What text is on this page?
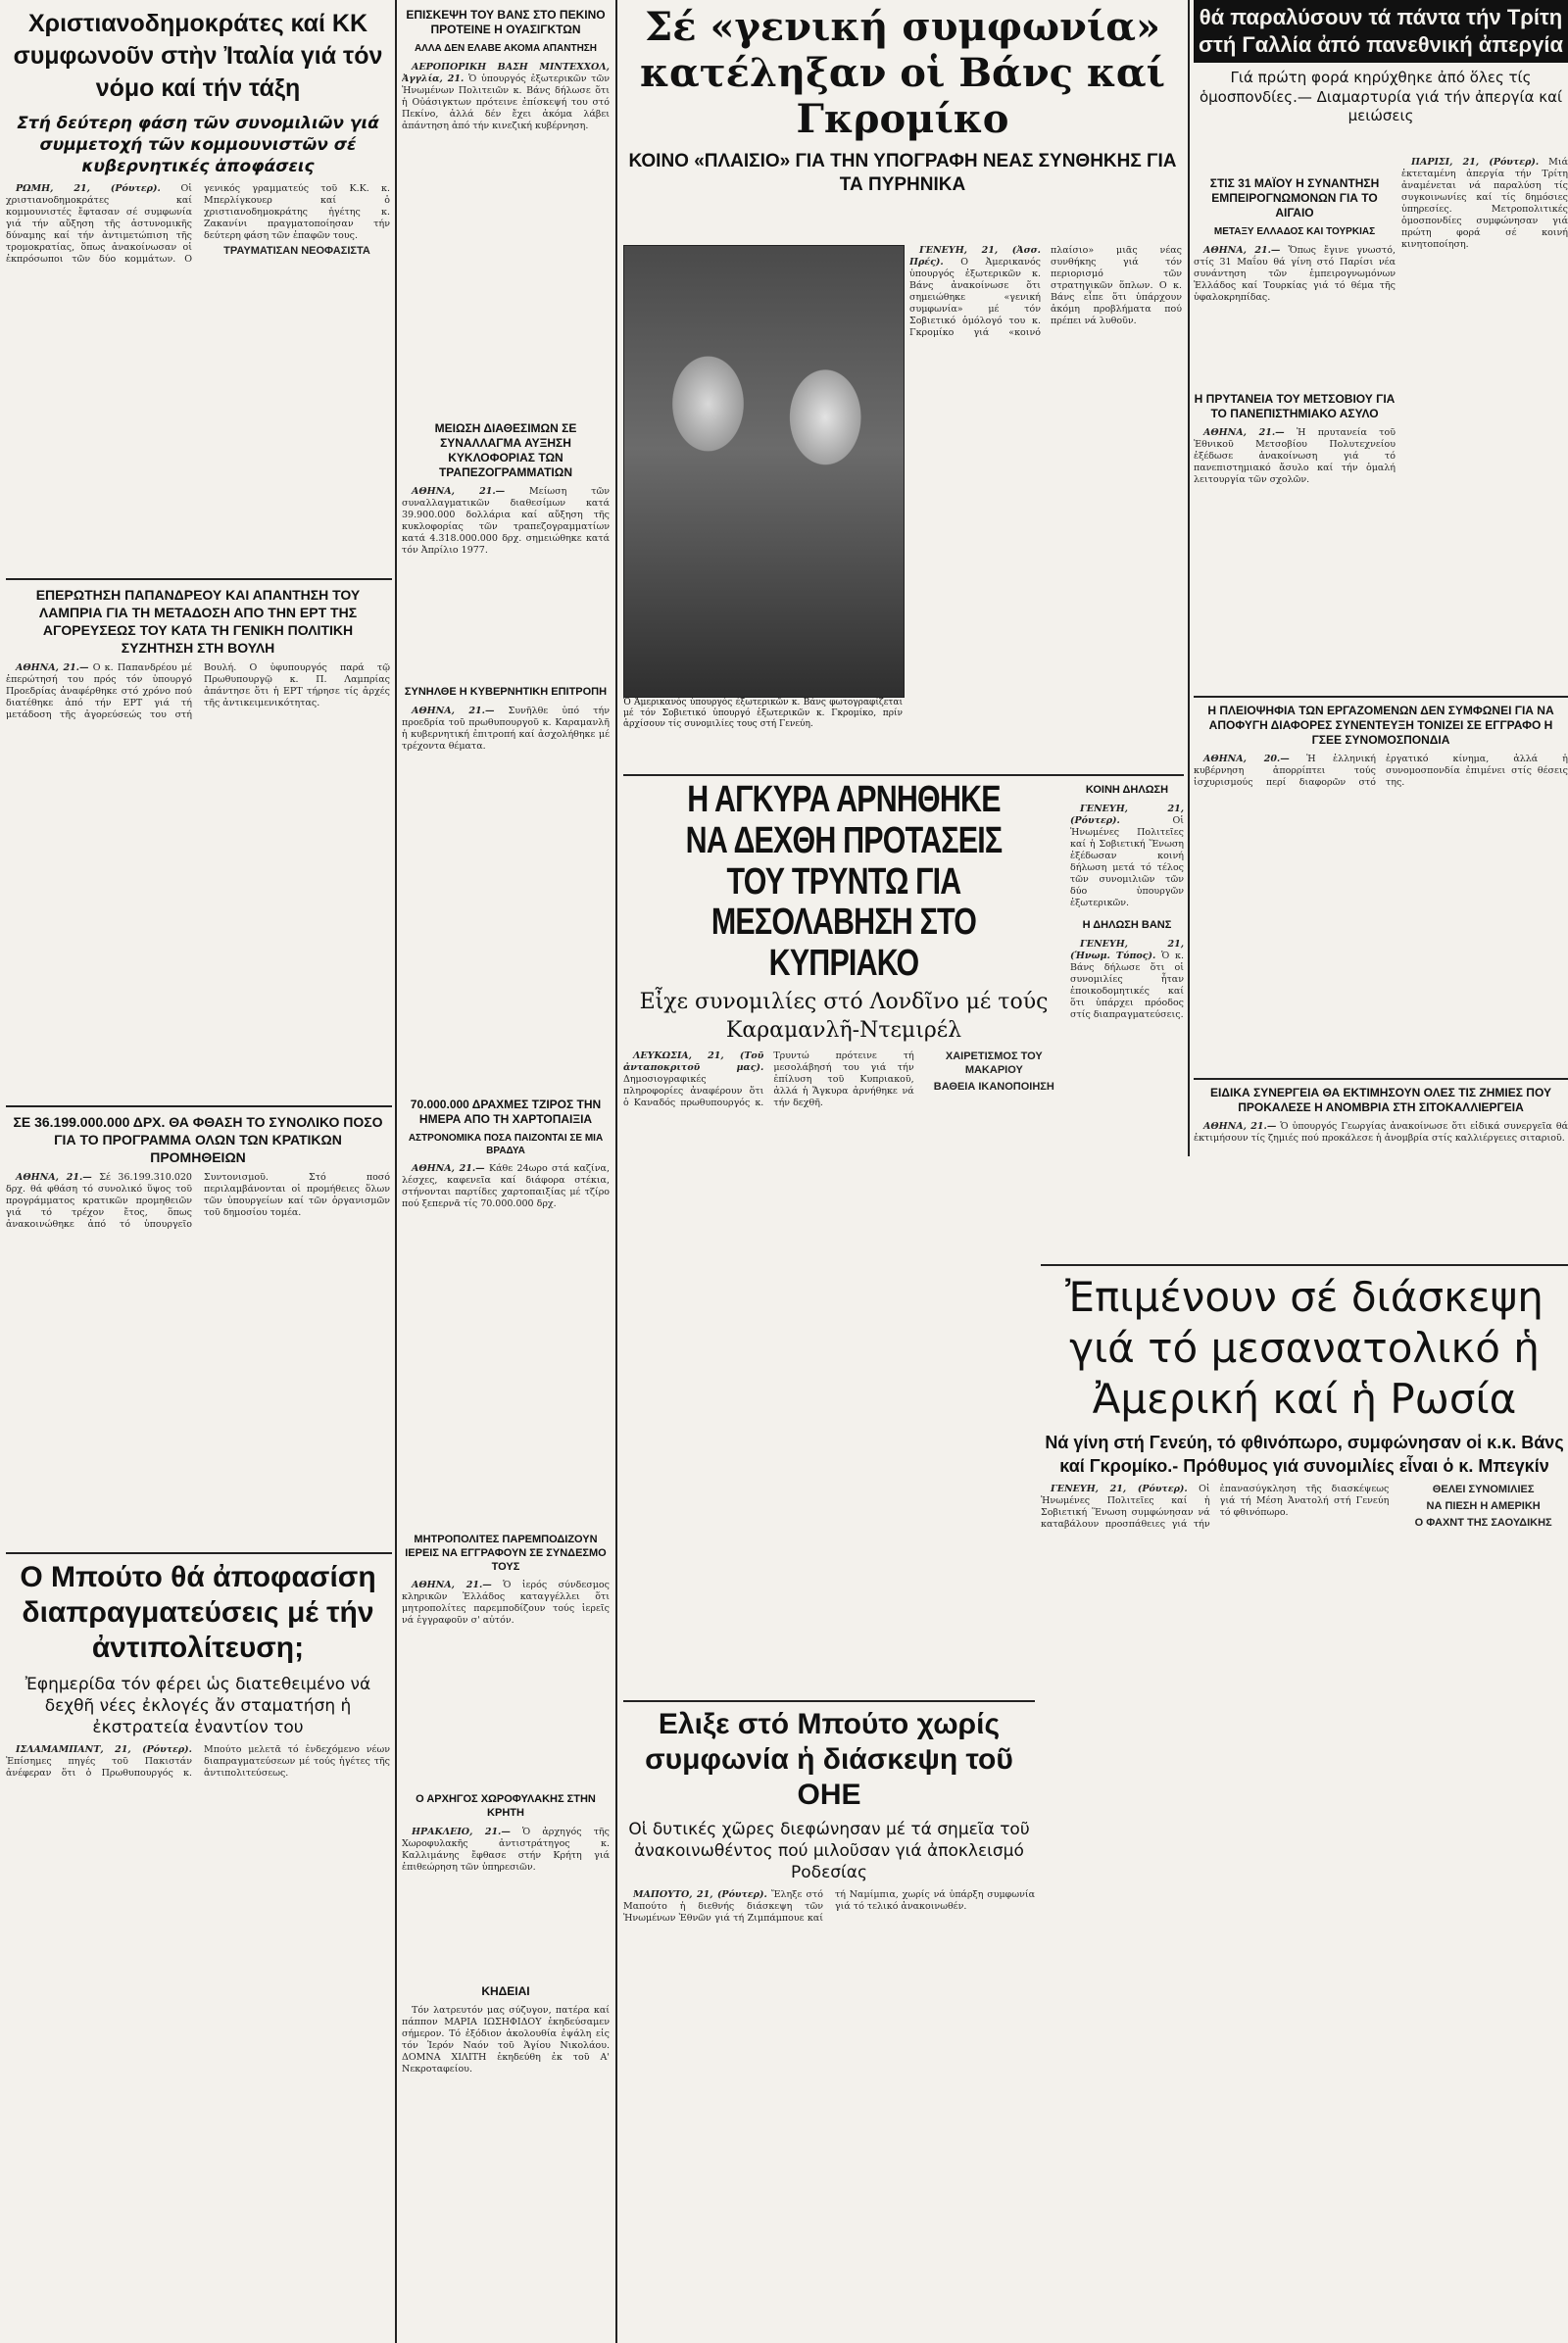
Χριστιανοδημοκράτες καί ΚΚ συμφωνοῦν στὴν Ἰταλία γιά τόν νόμο καί τήν τάξη
Στή δεύτερη φάση τῶν συνομιλιῶν γιά συμμετοχή τῶν κομμουνιστῶν σέ κυβερνητικές ἀποφάσεις

ΡΩΜΗ, 21, (Ρόυτερ). Οἱ χριστιανοδημοκράτες καί κομμουνιστές ἔφτασαν σέ συμφωνία γιά τήν αὔξηση τῆς ἀστυνομικῆς δύναμης καί τήν ἀντιμετώπιση τῆς τρομοκρατίας, ὅπως ἀνακοίνωσαν οἱ ἐκπρόσωποι τῶν δύο κομμάτων. Ο γενικός γραμματεύς τοῦ Κ.Κ. κ. Μπερλίγκουερ καί ὁ χριστιανοδημοκράτης ἡγέτης κ. Ζακανίνι πραγματοποίησαν τήν δεύτερη φάση τῶν ἐπαφῶν τους.

ΤΡΑΥΜΑΤΙΣΑΝ ΝΕΟΦΑΣΙΣΤΑ

ΕΠΕΡΩΤΗΣΗ ΠΑΠΑΝΔΡΕΟΥ ΚΑΙ ΑΠΑΝΤΗΣΗ ΤΟΥ ΛΑΜΠΡΙΑ ΓΙΑ ΤΗ ΜΕΤΑΔΟΣΗ ΑΠΟ ΤΗΝ ΕΡΤ ΤΗΣ ΑΓΟΡΕΥΣΕΩΣ ΤΟΥ ΚΑΤΑ ΤΗ ΓΕΝΙΚΗ ΠΟΛΙΤΙΚΗ ΣΥΖΗΤΗΣΗ ΣΤΗ ΒΟΥΛΗ

ΑΘΗΝΑ, 21.— Ο κ. Παπανδρέου μέ ἐπερώτησή του πρός τόν ὑπουργό Προεδρίας ἀναφέρθηκε στό χρόνο πού διατέθηκε ἀπό τήν ΕΡΤ γιά τή μετάδοση τῆς ἀγορεύσεώς του στή Βουλή. Ο ὑφυπουργός παρά τῷ Πρωθυπουργῷ κ. Π. Λαμπρίας ἀπάντησε ὅτι ἡ ΕΡΤ τήρησε τίς ἀρχές τῆς ἀντικειμενικότητας.

ΣΕ 36.199.000.000 ΔΡΧ. ΘΑ ΦΘΑΣΗ ΤΟ ΣΥΝΟΛΙΚΟ ΠΟΣΟ ΓΙΑ ΤΟ ΠΡΟΓΡΑΜΜΑ ΟΛΩΝ ΤΩΝ ΚΡΑΤΙΚΩΝ ΠΡΟΜΗΘΕΙΩΝ

ΑΘΗΝΑ, 21.— Σέ 36.199.310.020 δρχ. θά φθάση τό συνολικό ὕψος τοῦ προγράμματος κρατικῶν προμηθειῶν γιά τό τρέχον ἔτος, ὅπως ἀνακοινώθηκε ἀπό τό ὑπουργεῖο Συντονισμοῦ. Στό ποσό περιλαμβάνονται οἱ προμήθειες ὅλων τῶν ὑπουργείων καί τῶν ὀργανισμῶν τοῦ δημοσίου τομέα.

Ο Μπούτο θά ἀποφασίση διαπραγματεύσεις μέ τήν ἀντιπολίτευση;
Ἐφημερίδα τόν φέρει ὡς διατεθειμένο νά δεχθῆ νέες ἐκλογές ἄν σταματήση ἡ ἐκστρατεία ἐναντίον του

ΙΣΛΑΜΑΜΠΑΝΤ, 21, (Ρόυτερ). Ἐπίσημες πηγές τοῦ Πακιστάν ἀνέφεραν ὅτι ὁ Πρωθυπουργός κ. Μπούτο μελετᾶ τό ἐνδεχόμενο νέων διαπραγματεύσεων μέ τούς ἡγέτες τῆς ἀντιπολιτεύσεως.

ΕΠΙΣΚΕΨΗ ΤΟΥ ΒΑΝΣ ΣΤΟ ΠΕΚΙΝΟ ΠΡΟΤΕΙΝΕ Η ΟΥΑΣΙΓΚΤΩΝ
ΑΛΛΑ ΔΕΝ ΕΛΑΒΕ ΑΚΟΜΑ ΑΠΑΝΤΗΣΗ

ΑΕΡΟΠΟΡΙΚΗ ΒΑΣΗ ΜΙΝΤΕΧΧΟΛ, Ἀγγλία, 21. Ὁ ὑπουργός ἐξωτερικῶν τῶν Ἡνωμένων Πολιτειῶν κ. Βάνς δήλωσε ὅτι ἡ Οὐάσιγκτων πρότεινε ἐπίσκεψή του στό Πεκίνο, ἀλλά δέν ἔχει ἀκόμα λάβει ἀπάντηση ἀπό τήν κινεζική κυβέρνηση.

ΜΕΙΩΣΗ ΔΙΑΘΕΣΙΜΩΝ ΣΕ ΣΥΝΑΛΛΑΓΜΑ ΑΥΞΗΣΗ ΚΥΚΛΟΦΟΡΙΑΣ ΤΩΝ ΤΡΑΠΕΖΟΓΡΑΜΜΑΤΙΩΝ

ΑΘΗΝΑ, 21.—	Μείωση τῶν συναλλαγματικῶν διαθεσίμων κατά 39.900.000 δολλάρια καί αὔξηση τῆς κυκλοφορίας τῶν τραπεζογραμματίων κατά 4.318.000.000 δρχ. σημειώθηκε κατά τόν Ἀπρίλιο 1977.

ΣΥΝΗΛΘΕ Η ΚΥΒΕΡΝΗΤΙΚΗ ΕΠΙΤΡΟΠΗ

ΑΘΗΝΑ, 21.— Συνῆλθε ὑπό τήν προεδρία τοῦ πρωθυπουργοῦ κ. Καραμανλῆ ἡ κυβερνητική ἐπιτροπή καί ἀσχολήθηκε μέ τρέχοντα θέματα.

70.000.000 ΔΡΑΧΜΕΣ ΤΖΙΡΟΣ ΤΗΝ ΗΜΕΡΑ ΑΠΟ ΤΗ ΧΑΡΤΟΠΑΙΞΙΑ
ΑΣΤΡΟΝΟΜΙΚΑ ΠΟΣΑ ΠΑΙΖΟΝΤΑΙ ΣΕ ΜΙΑ ΒΡΑΔΥΑ

ΑΘΗΝΑ, 21.— Κάθε 24ωρο στά καζίνα, λέσχες, καφενεῖα καί διάφορα στέκια, στήνονται παρτίδες χαρτοπαιξίας μέ τζίρο πού ξεπερνᾶ τίς 70.000.000 δρχ.

ΜΗΤΡΟΠΟΛΙΤΕΣ ΠΑΡΕΜΠΟΔΙΖΟΥΝ ΙΕΡΕΙΣ ΝΑ ΕΓΓΡΑΦΟΥΝ ΣΕ ΣΥΝΔΕΣΜΟ ΤΟΥΣ

ΑΘΗΝΑ, 21.— Ὁ ἱερός σύνδεσμος κληρικῶν Ἑλλάδος καταγγέλλει ὅτι μητροπολίτες παρεμποδίζουν τούς ἱερεῖς νά ἐγγραφοῦν σ' αὐτόν.

Ο ΑΡΧΗΓΟΣ ΧΩΡΟΦΥΛΑΚΗΣ ΣΤΗΝ ΚΡΗΤΗ

ΗΡΑΚΛΕΙΟ, 21.— Ὁ ἀρχηγός τῆς Χωροφυλακῆς ἀντιστράτηγος κ. Καλλιμάνης ἔφθασε στήν Κρήτη γιά ἐπιθεώρηση τῶν ὑπηρεσιῶν.

ΚΗΔΕΙΑΙ

Τόν λατρευτόν μας σύζυγον, πατέρα καί πάππον ΜΑΡΙΑ ΙΩΣΗΦΙΔΟΥ ἐκηδεύσαμεν σήμερον. Τό ἐξόδιον ἀκολουθία ἐψάλη εἰς τόν Ἱερόν Ναόν τοῦ Ἁγίου Νικολάου. ΔΟΜΝΑ ΧΙΛΙΤΗ ἐκηδεύθη ἐκ τοῦ Α' Νεκροταφείου.

Σέ «γενική συμφωνία» κατέληξαν οἱ Βάνς καί Γκρομίκο
ΚΟΙΝΟ «ΠΛΑΙΣΙΟ» ΓΙΑ ΤΗΝ ΥΠΟΓΡΑΦΗ ΝΕΑΣ ΣΥΝΘΗΚΗΣ ΓΙΑ ΤΑ ΠΥΡΗΝΙΚΑ
Ὁ Ἀμερικανός ὑπουργός ἐξωτερικῶν κ. Βάνς φωτογραφίζεται μέ τόν Σοβιετικό ὑπουργό ἐξωτερικῶν κ. Γκρομίκο, πρίν ἀρχίσουν τίς συνομιλίες τους στή Γενεύη.

ΓΕΝΕΥΗ, 21, (Ἀσσ. Πρές). Ο Ἀμερικανός ὑπουργός ἐξωτερικῶν κ. Βάνς ἀνακοίνωσε ὅτι σημειώθηκε «γενική συμφωνία» μέ τόν Σοβιετικό ὁμόλογό του κ. Γκρομίκο γιά «κοινό πλαίσιο» μιᾶς νέας συνθήκης γιά τόν περιορισμό τῶν στρατηγικῶν ὅπλων. Ο κ. Βάνς εἶπε ὅτι ὑπάρχουν ἀκόμη προβλήματα πού πρέπει νά λυθοῦν.

Η ΑΓΚΥΡΑ ΑΡΝΗΘΗΚΕ ΝΑ ΔΕΧΘΗ ΠΡΟΤΑΣΕΙΣ ΤΟΥ ΤΡΥΝΤΩ ΓΙΑ ΜΕΣΟΛΑΒΗΣΗ ΣΤΟ ΚΥΠΡΙΑΚΟ
Εἶχε συνομιλίες στό Λονδῖνο μέ τούς Καραμανλῆ-Ντεμιρέλ

ΛΕΥΚΩΣΙΑ, 21, (Τοῦ ἀνταποκριτοῦ μας). Δημοσιογραφικές πληροφορίες ἀναφέρουν ὅτι ὁ Καναδός πρωθυπουργός κ. Τρυντώ πρότεινε τή μεσολάβησή του γιά τήν ἐπίλυση τοῦ Κυπριακοῦ, ἀλλά ἡ Ἄγκυρα ἀρνήθηκε νά τήν δεχθῆ.

ΧΑΙΡΕΤΙΣΜΟΣ ΤΟΥ ΜΑΚΑΡΙΟΥ

ΒΑΘΕΙΑ ΙΚΑΝΟΠΟΙΗΣΗ

ΚΟΙΝΗ ΔΗΛΩΣΗ

ΓΕΝΕΥΗ, 21, (Ρόυτερ).	Οἱ Ἡνωμένες Πολιτεῖες καί ἡ Σοβιετική Ἕνωση ἐξέδωσαν κοινή δήλωση μετά τό τέλος τῶν συνομιλιῶν τῶν δύο ὑπουργῶν ἐξωτερικῶν.

Η ΔΗΛΩΣΗ ΒΑΝΣ

ΓΕΝΕΥΗ, 21, (Ἡνωμ. Τύπος). Ὁ κ. Βάνς δήλωσε ὅτι οἱ συνομιλίες ἦταν ἐποικοδομητικές καί ὅτι ὑπάρχει πρόοδος στίς διαπραγματεύσεις.

Ελιξε στό Μπούτο χωρίς συμφωνία ἡ διάσκεψη τοῦ ΟΗΕ
Οἱ δυτικές χῶρες διεφώνησαν μέ τά σημεῖα τοῦ ἀνακοινωθέντος πού μιλοῦσαν γιά ἀποκλεισμό Ροδεσίας

ΜΑΠΟΥΤΟ, 21, (Ρόυτερ). Ἔληξε στό Μαπούτο ἡ διεθνής διάσκεψη τῶν Ἡνωμένων Ἐθνῶν γιά τή Ζιμπάμπουε καί τή Ναμίμπια, χωρίς νά ὑπάρξη συμφωνία γιά τό τελικό ἀνακοινωθέν.

θά παραλύσουν τά πάντα τήν Τρίτη στή Γαλλία ἀπό πανεθνική ἀπεργία
Γιά πρώτη φορά κηρύχθηκε ἀπό ὅλες τίς ὁμοσπονδίες.— Διαμαρτυρία γιά τήν ἀπεργία καί μειώσεις

ΠΑΡΙΣΙ, 21, (Ρόυτερ). Μιά ἐκτεταμένη ἀπεργία τήν Τρίτη ἀναμένεται νά παραλύση τίς συγκοινωνίες καί τίς δημόσιες ὑπηρεσίες. Μετροπολιτικές ὁμοσπονδίες συμφώνησαν γιά πρώτη φορά σέ κοινή κινητοποίηση.

ΣΤΙΣ 31 ΜΑΪΟΥ Η ΣΥΝΑΝΤΗΣΗ ΕΜΠΕΙΡΟΓΝΩΜΟΝΩΝ ΓΙΑ ΤΟ ΑΙΓΑΙΟ
ΜΕΤΑΞΥ ΕΛΛΑΔΟΣ ΚΑΙ ΤΟΥΡΚΙΑΣ

ΑΘΗΝΑ, 21.— Ὅπως ἔγινε γνωστό, στίς 31 Μαΐου θά γίνη στό Παρίσι νέα συνάντηση τῶν ἐμπειρογνωμόνων Ἑλλάδος καί Τουρκίας γιά τό θέμα τῆς ὑφαλοκρηπίδας.

Η ΠΡΥΤΑΝΕΙΑ ΤΟΥ ΜΕΤΣΟΒΙΟΥ ΓΙΑ ΤΟ ΠΑΝΕΠΙΣΤΗΜΙΑΚΟ ΑΣΥΛΟ

ΑΘΗΝΑ, 21.— Ἡ πρυτανεία τοῦ Ἐθνικοῦ Μετσοβίου Πολυτεχνείου ἐξέδωσε ἀνακοίνωση γιά τό πανεπιστημιακό ἄσυλο καί τήν ὁμαλή λειτουργία τῶν σχολῶν.

Η ΠΛΕΙΟΨΗΦΙΑ ΤΩΝ ΕΡΓΑΖΟΜΕΝΩΝ ΔΕΝ ΣΥΜΦΩΝΕΙ ΓΙΑ ΝΑ ΑΠΟΦΥΓΗ ΔΙΑΦΟΡΕΣ ΣΥΝΕΝΤΕΥΞΗ ΤΟΝΙΖΕΙ ΣΕ ΕΓΓΡΑΦΟ Η ΓΣΕΕ ΣΥΝΟΜΟΣΠΟΝΔΙΑ

ΑΘΗΝΑ, 20.— Ἡ ἑλληνική κυβέρνηση ἀπορρίπτει τούς ἰσχυρισμούς περί διαφορῶν στό ἐργατικό κίνημα, ἀλλά ἡ συνομοσπονδία ἐπιμένει στίς θέσεις της.

ΕΙΔΙΚΑ ΣΥΝΕΡΓΕΙΑ ΘΑ ΕΚΤΙΜΗΣΟΥΝ ΟΛΕΣ ΤΙΣ ΖΗΜΙΕΣ ΠΟΥ ΠΡΟΚΑΛΕΣΕ Η ΑΝΟΜΒΡΙΑ ΣΤΗ ΣΙΤΟΚΑΛΛΙΕΡΓΕΙΑ

ΑΘΗΝΑ, 21.— Ὁ ὑπουργός Γεωργίας ἀνακοίνωσε ὅτι εἰδικά συνεργεῖα θά ἐκτιμήσουν τίς ζημιές πού προκάλεσε ἡ ἀνομβρία στίς καλλιέργειες σιταριοῦ.

Ἐπιμένουν σέ διάσκεψη γιά τό μεσανατολικό ἡ Ἀμερική καί ἡ Ρωσία
Νά γίνη στή Γενεύη, τό φθινόπωρο, συμφώνησαν οἱ κ.κ. Βάνς καί Γκρομίκο.- Πρόθυμος γιά συνομιλίες εἶναι ὁ κ. Μπεγκίν

ΓΕΝΕΥΗ, 21, (Ρόυτερ). Οἱ Ἡνωμένες Πολιτεῖες καί ἡ Σοβιετική Ἕνωση συμφώνησαν νά καταβάλουν προσπάθειες γιά τήν ἐπανασύγκληση τῆς διασκέψεως γιά τή Μέση Ἀνατολή στή Γενεύη τό φθινόπωρο.

ΘΕΛΕΙ ΣΥΝΟΜΙΛΙΕΣ

ΝΑ ΠΙΕΣΗ Η ΑΜΕΡΙΚΗ

Ο ΦΑΧΝΤ ΤΗΣ ΣΑΟΥΔΙΚΗΣ
